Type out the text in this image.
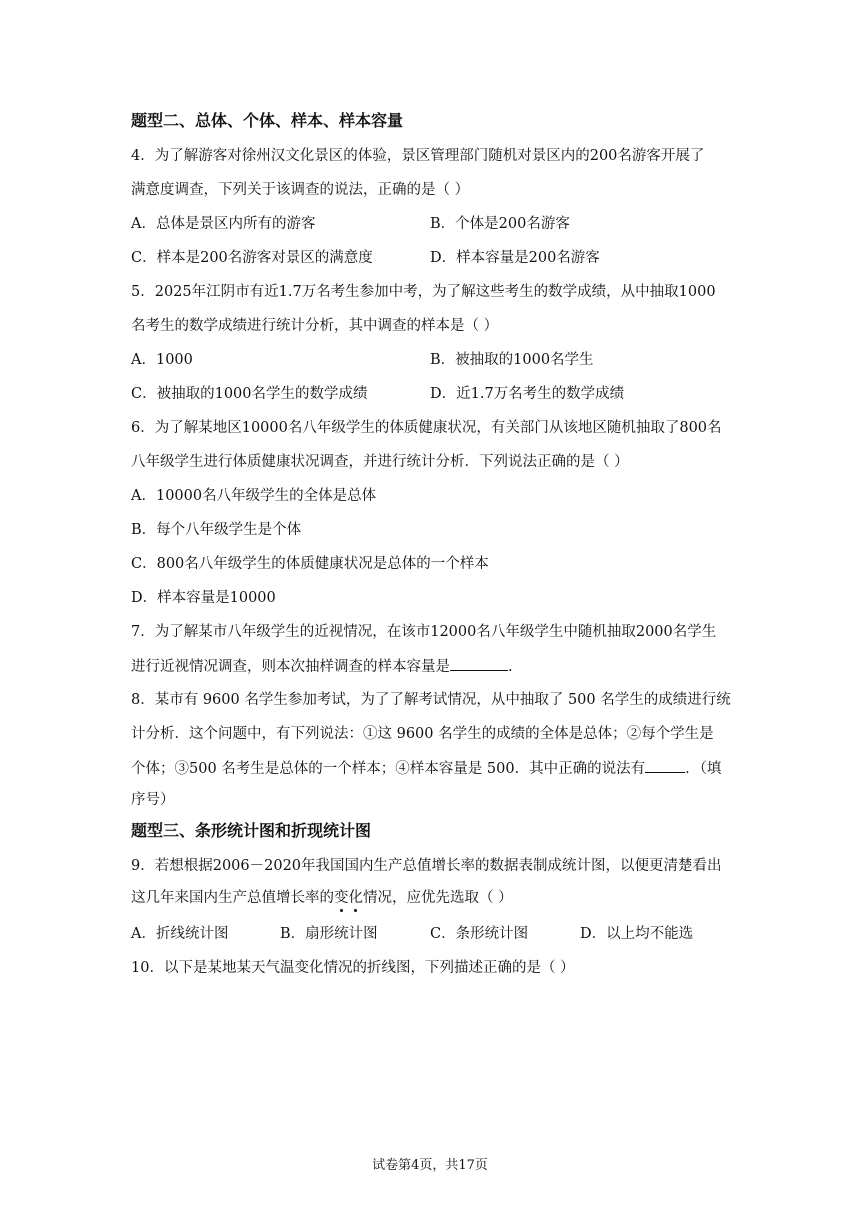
题型二、总体、个体、样本、样本容量
4．为了解游客对徐州汉文化景区的体验，景区管理部门随机对景区内的200名游客开展了
满意度调查，下列关于该调查的说法，正确的是（ ）
A．总体是景区内所有的游客	B．个体是200名游客
C．样本是200名游客对景区的满意度	D．样本容量是200名游客
5．2025年江阴市有近1.7万名考生参加中考，为了解这些考生的数学成绩，从中抽取1000
名考生的数学成绩进行统计分析，其中调查的样本是（ ）
A．1000	B．被抽取的1000名学生
C．被抽取的1000名学生的数学成绩	D．近1.7万名考生的数学成绩
6．为了解某地区10000名八年级学生的体质健康状况，有关部门从该地区随机抽取了800名
八年级学生进行体质健康状况调查，并进行统计分析．下列说法正确的是（ ）
A．10000名八年级学生的全体是总体
B．每个八年级学生是个体
C．800名八年级学生的体质健康状况是总体的一个样本
D．样本容量是10000
7．为了解某市八年级学生的近视情况，在该市12000名八年级学生中随机抽取2000名学生
进行近视情况调查，则本次抽样调查的样本容量是	.
8．某市有 9600 名学生参加考试，为了了解考试情况，从中抽取了 500 名学生的成绩进行统
计分析．这个问题中，有下列说法：①这 9600 名学生的成绩的全体是总体；②每个学生是
个体；③500 名考生是总体的一个样本；④样本容量是 500．其中正确的说法有	．（填
序号）
题型三、条形统计图和折现统计图
9．若想根据2006－2020年我国国内生产总值增长率的数据表制成统计图，以便更清楚看出
这几年来国内生产总值增长率的变化情况，应优先选取（ ）
A．折线统计图	B．扇形统计图	C．条形统计图	D．以上均不能选
10．以下是某地某天气温变化情况的折线图，下列描述正确的是（ ）
试卷第4页，共17页
